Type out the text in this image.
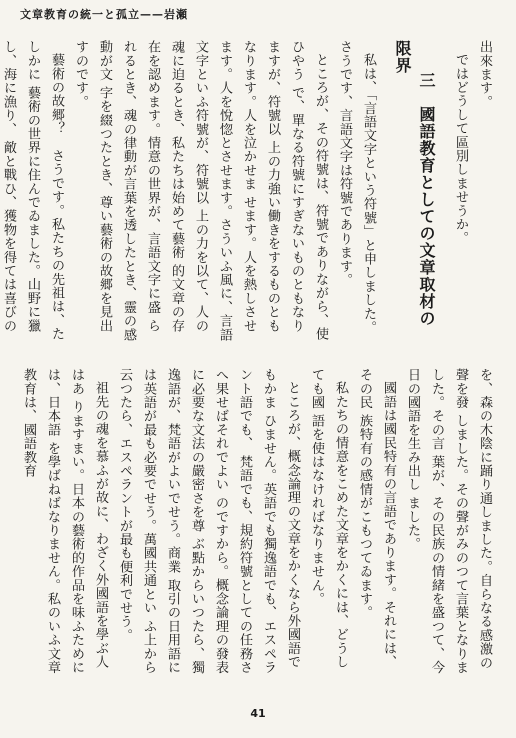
文章教育の統一と孤立——岩瀬

出來ます。

ではどうして區別しませうか。

三　國語教育としての文章取材の限界

私は、「言語文字という符號」と申しました。さうです、言語文字は符號であります。

ところが、その符號は、符號でありながら、使ひやう で、單なる符號にすぎないものともなりますが、符號以 上の力強い働きをするものともなります。人を泣かせま せます。人を熱しさせます。人を悅惚とさせます。さういふ風に、言語文字といふ符號が、符號以 上の力を以て、人の魂に迫るとき、私たちは始めて藝術 的文章の存在を認めます。情意の世界が、言語文字に盛 られるとき、魂の律動が言葉を透したとき、靈の感動が文 字を綴つたとき、尊い藝術の故郷を見出すのです。

藝術の故郷？　さうです。私たちの先祖は、たしかに 藝術の世界に住んでゐました。山野に獵し、海に漁り、 敵と戰ひ、獲物を得ては喜びの

を、森の木陰に踊り通しました。自らなる感激の聲を發 しました。その聲がみのつて言葉となりました。その言 葉が、その民族の情緒を盛つて、今日の國語を生み出し ました。

國語は國民特有の言語であります。それには、その民 族特有の感情がこもつてゐます。

私たちの情意をこめた文章をかくには、どうしても國 語を使はなければなりません。

ところが、概念論理の文章をかくなら外國語でもかま ひません。英語でも獨逸語でも、エスペラント語でも、 梵語でも、規約符號としての任務さへ果せばそれでよい のですから。概念論理の發表に必要な文法の嚴密さを尊 ぶ點からいつたら、獨逸語が、梵語がよいでせう。商業 取引の日用語には英語が最も必要でせう。萬國共通とい ふ上から云つたら、エスペラントが最も便利でせう。

祖先の魂を慕ふが故に、わざく外國語を學ぶ人はあ りますまい。日本の藝術的作品を味ふためには、日本語 を學ばねばなりません。私のいふ文章教育は、國語教育

41
